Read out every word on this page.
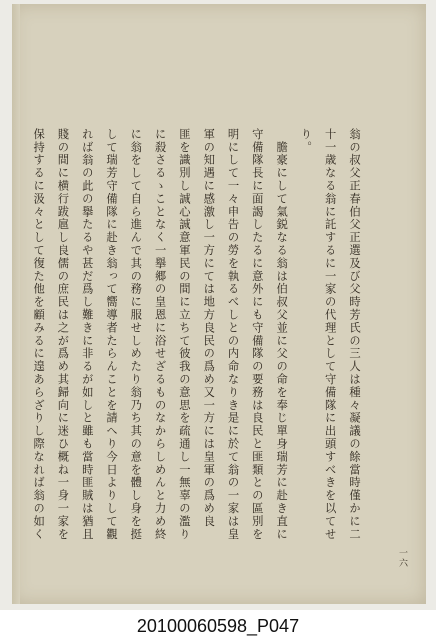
翁の叔父正春伯父正選及び父時芳氏の三人は種々凝議の餘當時僅かに二
十一歳なる翁に託するに一家の代理として守備隊に出頭すべきを以てせ
り。
　膽豪にして氣鋭なる翁は伯叔父並に父の命を奉じ單身瑞芳に赴き直に
守備隊長に面謁したるに意外にも守備隊の要務は良民と匪類との區別を
明にして一々申告の勞を執るべしとの内命なりき是に於て翁の一家は皇
軍の知遇に感激し一方にては地方良民の爲め又一方には皇軍の爲め良
匪を識別し誠心誠意軍民の間に立ちて彼我の意思を疏通し一無辜の濫り
に殺さるゝことなく一擧郷の皇恩に浴せざるものなからしめんと力め終
に翁をして自ら進んで其の務に服せしめたり翁乃ち其の意を體し身を挺
して瑞芳守備隊に赴き翁って嚮導者たらんことを請へり今日よりして觀
れば翁の此の擧たるや甚だ爲し難きに非るが如しと雖も當時匪賊は猶且
賤の間に横行跋扈し良儒の庶民は之が爲め其歸向に迷ひ概ね一身一家を
保持するに汲々として復た他を顧みるに遑あらざりし際なれば翁の如く
一六
20100060598_P047
